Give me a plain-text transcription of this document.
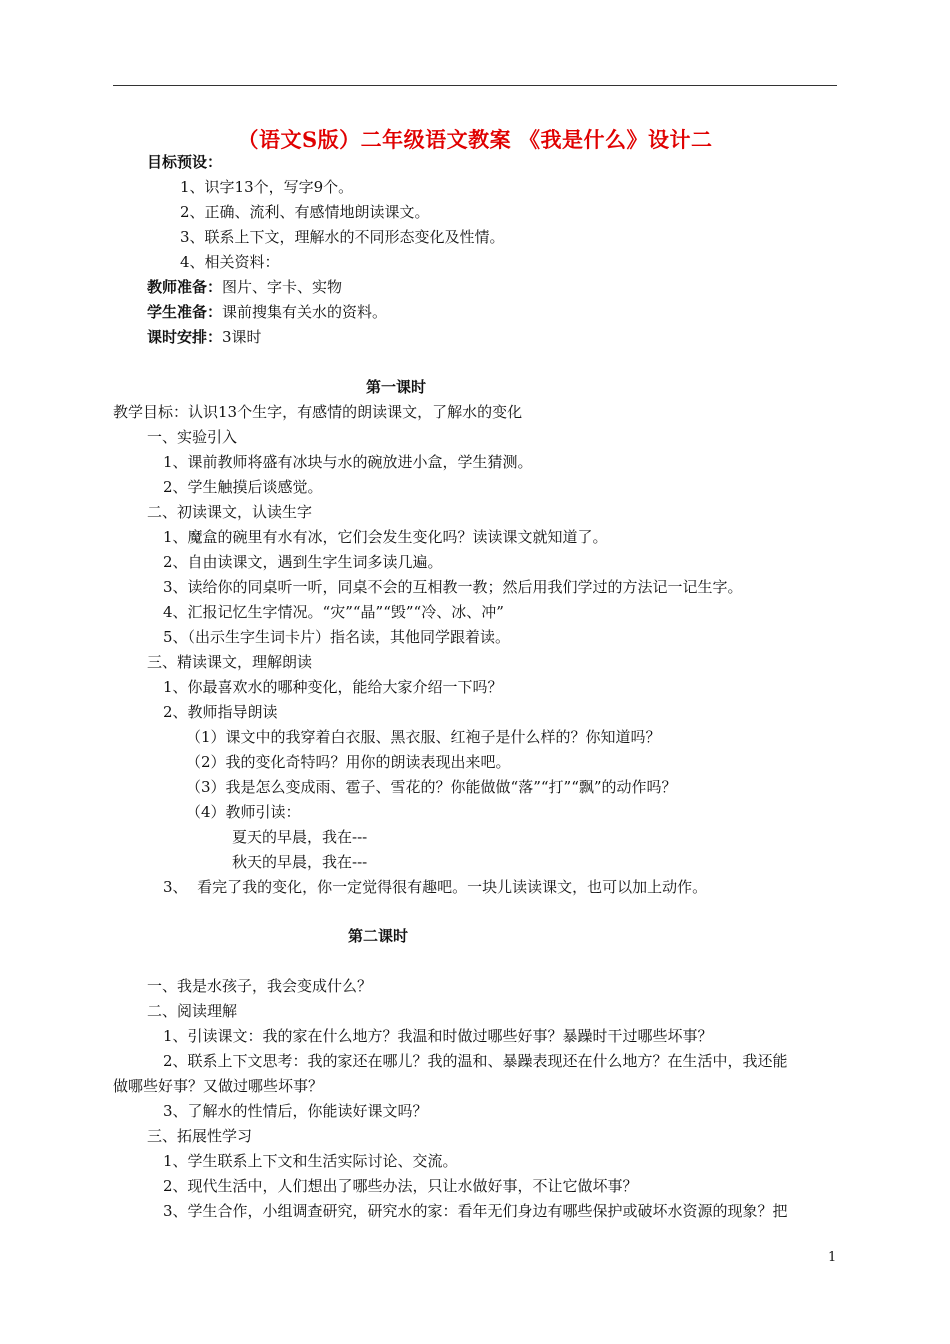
（语文S版）二年级语文教案 《我是什么》设计二
目标预设：
1、识字13个，写字9个。
2、正确、流利、有感情地朗读课文。
3、联系上下文，理解水的不同形态变化及性情。
4、相关资料：
教师准备：图片、字卡、实物
学生准备：课前搜集有关水的资料。
课时安排：3课时
第一课时
教学目标：认识13个生字，有感情的朗读课文，了解水的变化
一、实验引入
1、课前教师将盛有冰块与水的碗放进小盒，学生猜测。
2、学生触摸后谈感觉。
二、初读课文，认读生字
1、魔盒的碗里有水有冰，它们会发生变化吗？读读课文就知道了。
2、自由读课文，遇到生字生词多读几遍。
3、读给你的同桌听一听，同桌不会的互相教一教；然后用我们学过的方法记一记生字。
4、汇报记忆生字情况。“灾”“晶”“毁”“冷、冰、冲”
5、（出示生字生词卡片）指名读，其他同学跟着读。
三、精读课文，理解朗读
1、你最喜欢水的哪种变化，能给大家介绍一下吗？
2、教师指导朗读
（1）课文中的我穿着白衣服、黑衣服、红袍子是什么样的？你知道吗？
（2）我的变化奇特吗？用你的朗读表现出来吧。
（3）我是怎么变成雨、雹子、雪花的？你能做做“落”“打”“飘”的动作吗？
（4）教师引读：
夏天的早晨，我在---
秋天的早晨，我在---
3、  看完了我的变化，你一定觉得很有趣吧。一块儿读读课文，也可以加上动作。
第二课时
一、我是水孩子，我会变成什么？
二、阅读理解
1、引读课文：我的家在什么地方？我温和时做过哪些好事？暴躁时干过哪些坏事？
2、联系上下文思考：我的家还在哪儿？我的温和、暴躁表现还在什么地方？在生活中，我还能
做哪些好事？又做过哪些坏事？
3、了解水的性情后，你能读好课文吗？
三、拓展性学习
1、学生联系上下文和生活实际讨论、交流。
2、现代生活中，人们想出了哪些办法，只让水做好事，不让它做坏事？
3、学生合作，小组调查研究，研究水的家：看年无们身边有哪些保护或破坏水资源的现象？把
1
